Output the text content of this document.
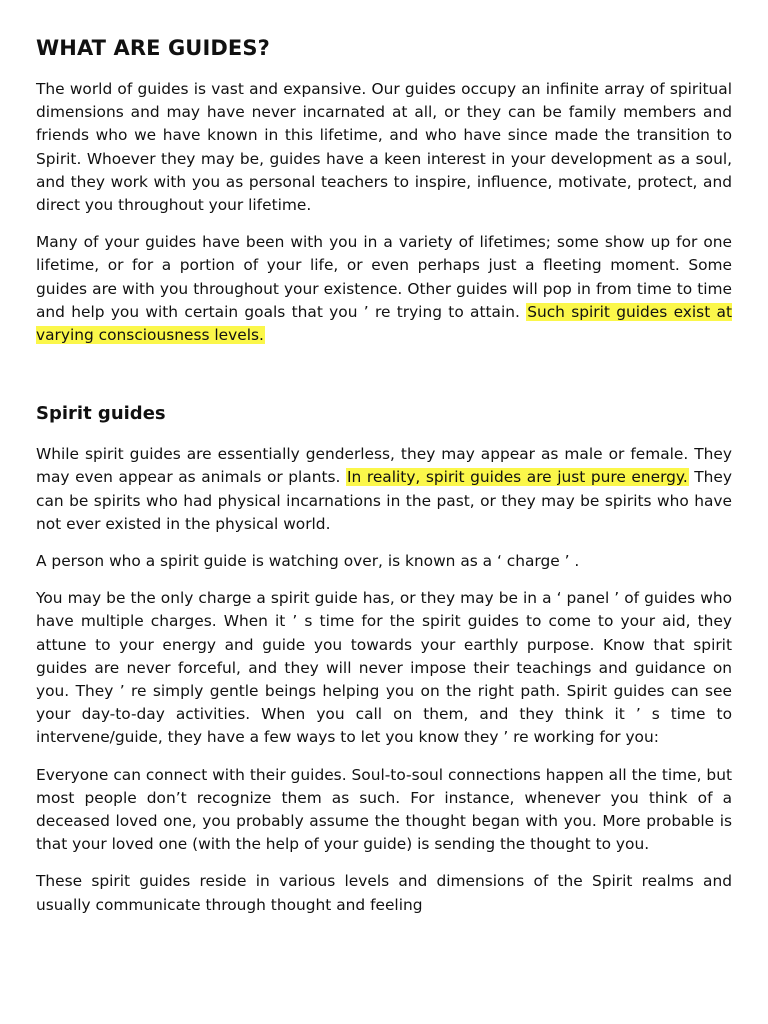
WHAT ARE GUIDES?

The world of guides is vast and expansive. Our guides occupy an infinite array of spiritual dimensions and may have never incarnated at all, or they can be family members and friends who we have known in this lifetime, and who have since made the transition to Spirit. Whoever they may be, guides have a keen interest in your development as a soul, and they work with you as personal teachers to inspire, influence, motivate, protect, and direct you throughout your lifetime.

Many of your guides have been with you in a variety of lifetimes; some show up for one lifetime, or for a portion of your life, or even perhaps just a fleeting moment. Some guides are with you throughout your existence. Other guides will pop in from time to time and help you with certain goals that you ’ re trying to attain. Such spirit guides exist at varying consciousness levels.

Spirit guides

While spirit guides are essentially genderless, they may appear as male or female. They may even appear as animals or plants. In reality, spirit guides are just pure energy. They can be spirits who had physical incarnations in the past, or they may be spirits who have not ever existed in the physical world.

A person who a spirit guide is watching over, is known as a ‘ charge ’ .

You may be the only charge a spirit guide has, or they may be in a ‘ panel ’ of guides who have multiple charges. When it ’ s time for the spirit guides to come to your aid, they attune to your energy and guide you towards your earthly purpose. Know that spirit guides are never forceful, and they will never impose their teachings and guidance on you. They ’ re simply gentle beings helping you on the right path. Spirit guides can see your day-to-day activities. When you call on them, and they think it ’ s time to intervene/guide, they have a few ways to let you know they ’ re working for you:

Everyone can connect with their guides. Soul-to-soul connections happen all the time, but most people don’t recognize them as such. For instance, whenever you think of a deceased loved one, you probably assume the thought began with you. More probable is that your loved one (with the help of your guide) is sending the thought to you.

These spirit guides reside in various levels and dimensions of the Spirit realms and usually communicate through thought and feeling
